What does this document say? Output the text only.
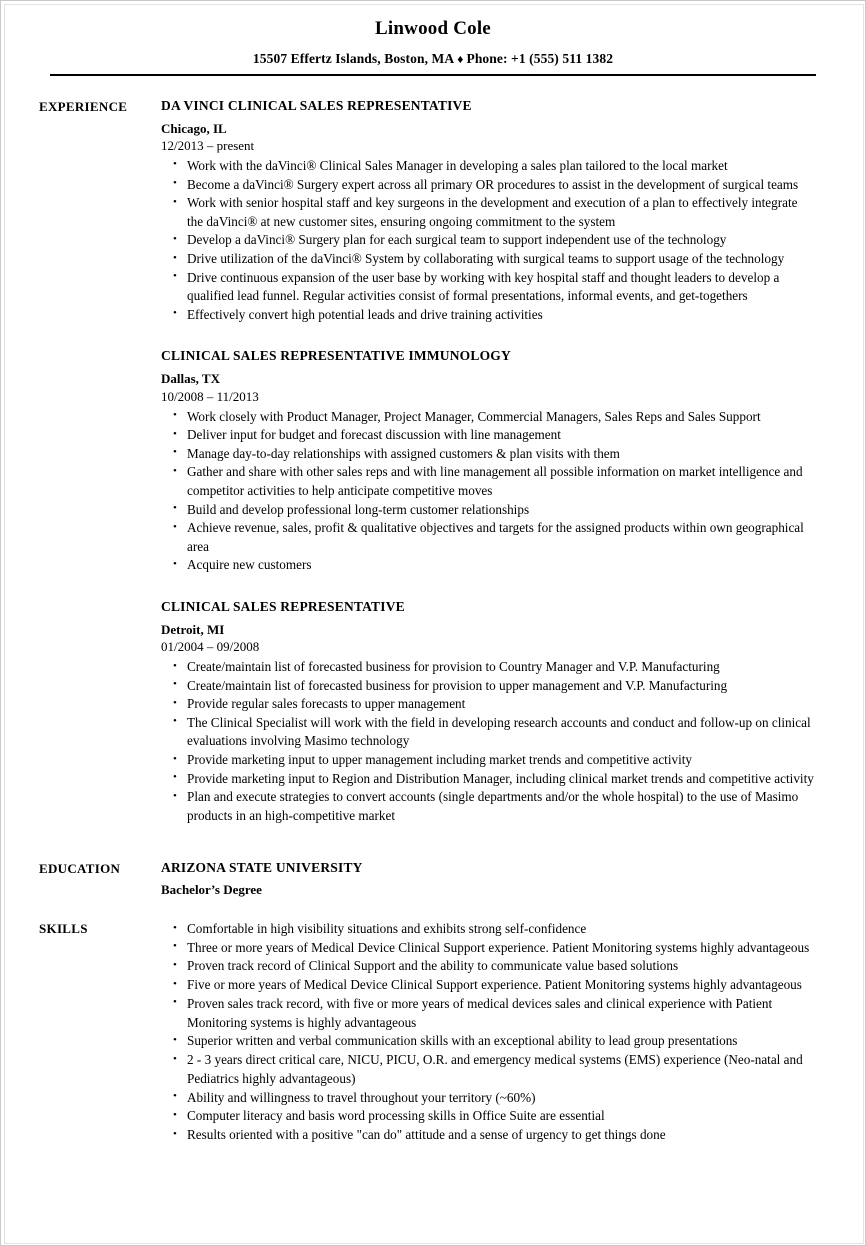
Linwood Cole
15507 Effertz Islands, Boston, MA ♦ Phone: +1 (555) 511 1382
EXPERIENCE	DA VINCI CLINICAL SALES REPRESENTATIVE
Chicago, IL
12/2013 – present
• Work with the daVinci® Clinical Sales Manager in developing a sales plan tailored to the local market
• Become a daVinci® Surgery expert across all primary OR procedures to assist in the development of surgical teams
• Work with senior hospital staff and key surgeons in the development and execution of a plan to effectively integrate the daVinci® at new customer sites, ensuring ongoing commitment to the system
• Develop a daVinci® Surgery plan for each surgical team to support independent use of the technology
• Drive utilization of the daVinci® System by collaborating with surgical teams to support usage of the technology
• Drive continuous expansion of the user base by working with key hospital staff and thought leaders to develop a qualified lead funnel. Regular activities consist of formal presentations, informal events, and get-togethers
• Effectively convert high potential leads and drive training activities
CLINICAL SALES REPRESENTATIVE IMMUNOLOGY
Dallas, TX
10/2008 – 11/2013
• Work closely with Product Manager, Project Manager, Commercial Managers, Sales Reps and Sales Support
• Deliver input for budget and forecast discussion with line management
• Manage day-to-day relationships with assigned customers & plan visits with them
• Gather and share with other sales reps and with line management all possible information on market intelligence and competitor activities to help anticipate competitive moves
• Build and develop professional long-term customer relationships
• Achieve revenue, sales, profit & qualitative objectives and targets for the assigned products within own geographical area
• Acquire new customers
CLINICAL SALES REPRESENTATIVE
Detroit, MI
01/2004 – 09/2008
• Create/maintain list of forecasted business for provision to Country Manager and V.P. Manufacturing
• Create/maintain list of forecasted business for provision to upper management and V.P. Manufacturing
• Provide regular sales forecasts to upper management
• The Clinical Specialist will work with the field in developing research accounts and conduct and follow-up on clinical evaluations involving Masimo technology
• Provide marketing input to upper management including market trends and competitive activity
• Provide marketing input to Region and Distribution Manager, including clinical market trends and competitive activity
• Plan and execute strategies to convert accounts (single departments and/or the whole hospital) to the use of Masimo products in an high-competitive market
EDUCATION	ARIZONA STATE UNIVERSITY
Bachelor’s Degree
SKILLS	• Comfortable in high visibility situations and exhibits strong self-confidence
• Three or more years of Medical Device Clinical Support experience. Patient Monitoring systems highly advantageous
• Proven track record of Clinical Support and the ability to communicate value based solutions
• Five or more years of Medical Device Clinical Support experience. Patient Monitoring systems highly advantageous
• Proven sales track record, with five or more years of medical devices sales and clinical experience with Patient Monitoring systems is highly advantageous
• Superior written and verbal communication skills with an exceptional ability to lead group presentations
• 2 - 3 years direct critical care, NICU, PICU, O.R. and emergency medical systems (EMS) experience (Neo-natal and Pediatrics highly advantageous)
• Ability and willingness to travel throughout your territory (~60%)
• Computer literacy and basis word processing skills in Office Suite are essential
• Results oriented with a positive "can do" attitude and a sense of urgency to get things done
